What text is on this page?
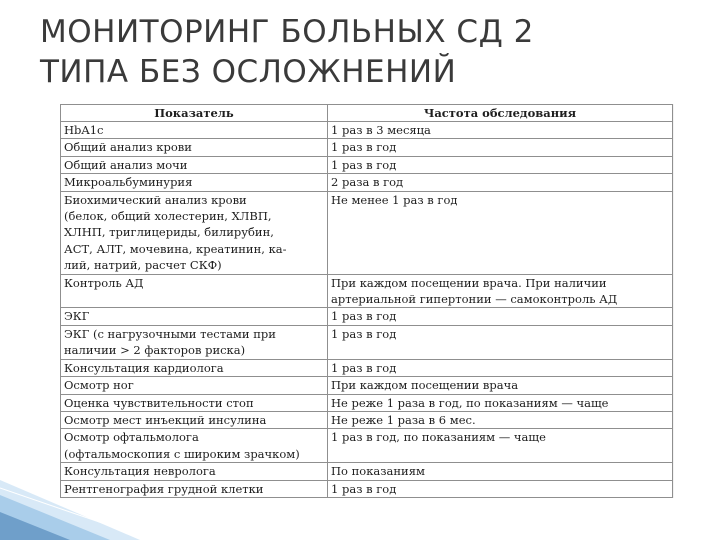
МОНИТОРИНГ БОЛЬНЫХ СД 2
ТИПА БЕЗ ОСЛОЖНЕНИЙ
Показатель	Частота обследования
HbA1c	1 раз в 3 месяца
Общий анализ крови	1 раз в год
Общий анализ мочи	1 раз в год
Микроальбуминурия	2 раза в год
Биохимический анализ крови
(белок, общий холестерин, ХЛВП,
ХЛНП, триглицериды, билирубин,
АСТ, АЛТ, мочевина, креатинин, ка-
лий, натрий, расчет СКФ)	Не менее 1 раз в год
Контроль АД	При каждом посещении врача. При наличии
артериальной гипертонии — самоконтроль АД
ЭКГ	1 раз в год
ЭКГ (с нагрузочными тестами при
наличии > 2 факторов риска)	1 раз в год
Консультация кардиолога	1 раз в год
Осмотр ног	При каждом посещении врача
Оценка чувствительности стоп	Не реже 1 раза в год, по показаниям — чаще
Осмотр мест инъекций инсулина	Не реже 1 раза в 6 мес.
Осмотр офтальмолога
(офтальмоскопия с широким зрачком)	1 раз в год, по показаниям — чаще
Консультация невролога	По показаниям
Рентгенография грудной клетки	1 раз в год
